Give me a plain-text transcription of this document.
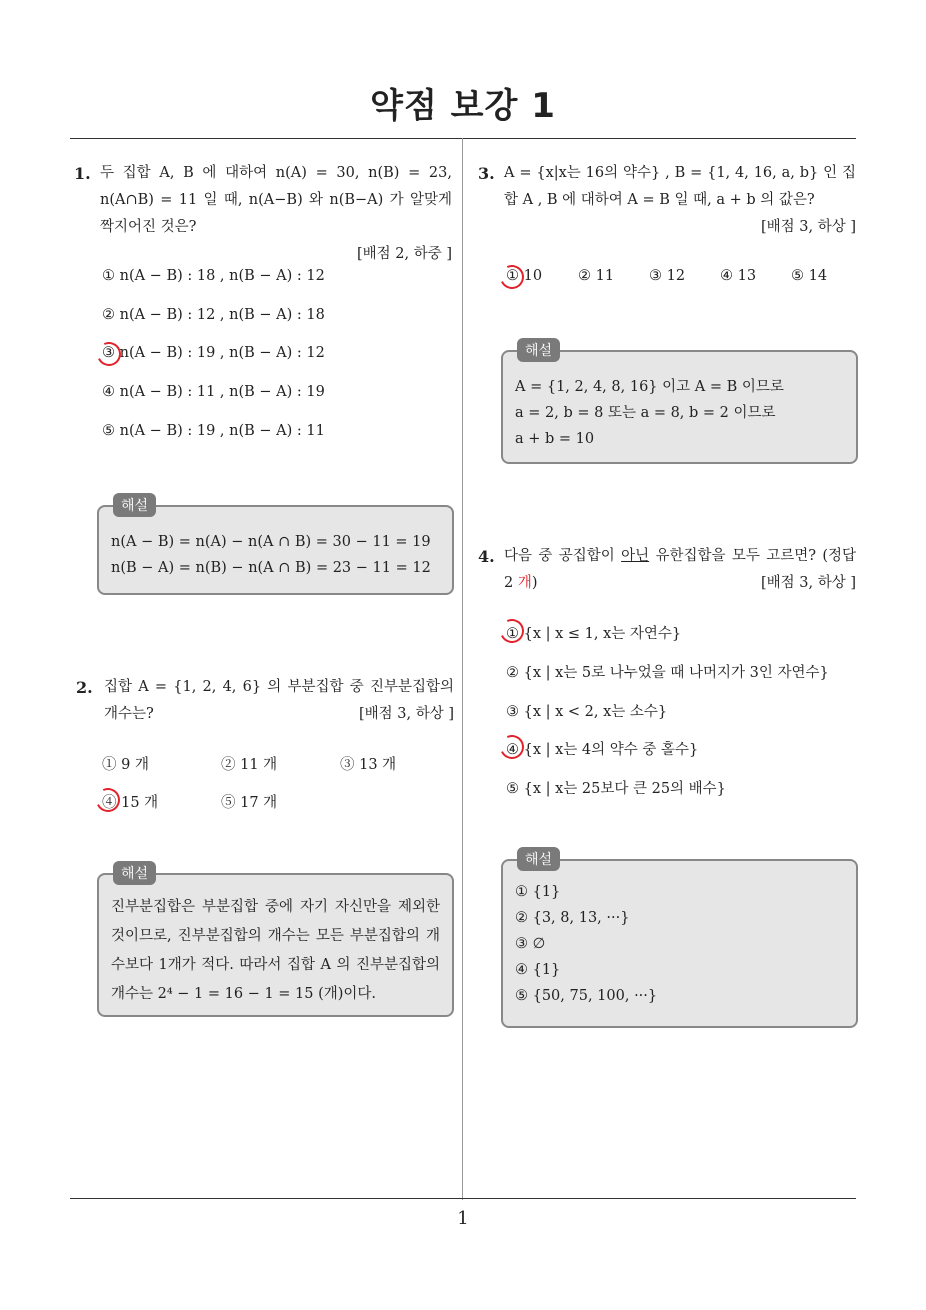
약점 보강 1
1
1. 두 집합 A, B 에 대하여 n(A) = 30, n(B) = 23, n(A∩B) = 11 일 때, n(A−B) 와 n(B−A) 가 알맞게 짝지어진 것은?
[배점 2, 하중 ]
① n(A − B) : 18 , n(B − A) : 12
② n(A − B) : 12 , n(B − A) : 18
③ n(A − B) : 19 , n(B − A) : 12
④ n(A − B) : 11 , n(B − A) : 19
⑤ n(A − B) : 19 , n(B − A) : 11
해설
n(A − B) = n(A) − n(A ∩ B) = 30 − 11 = 19
n(B − A) = n(B) − n(A ∩ B) = 23 − 11 = 12
2. 집합 A = {1, 2, 4, 6} 의 부분집합 중 진부분집합의 개수는?	[배점 3, 하상 ]
① 9 개	② 11 개	③ 13 개
④ 15 개	⑤ 17 개
해설
진부분집합은 부분집합 중에 자기 자신만을 제외한 것이므로, 진부분집합의 개수는 모든 부분집합의 개수보다 1개가 적다. 따라서 집합 A 의 진부분집합의 개수는 2⁴ − 1 = 16 − 1 = 15 (개)이다.
3. A = {x|x는 16의 약수} , B = {1, 4, 16, a, b} 인 집합 A , B 에 대하여 A = B 일 때, a + b 의 값은?
[배점 3, 하상 ]
① 10 ② 11 ③ 12 ④ 13 ⑤ 14
해설
A = {1, 2, 4, 8, 16} 이고 A = B 이므로
a = 2, b = 8 또는 a = 8, b = 2 이므로
a + b = 10
4. 다음 중 공집합이 아닌 유한집합을 모두 고르면? (정답 2 개)	[배점 3, 하상 ]
① {x | x ≤ 1, x는 자연수}
② {x | x는 5로 나누었을 때 나머지가 3인 자연수}
③ {x | x < 2, x는 소수}
④ {x | x는 4의 약수 중 홀수}
⑤ {x | x는 25보다 큰 25의 배수}
해설
① {1}
② {3, 8, 13, ···}
③ ∅
④ {1}
⑤ {50, 75, 100, ···}
